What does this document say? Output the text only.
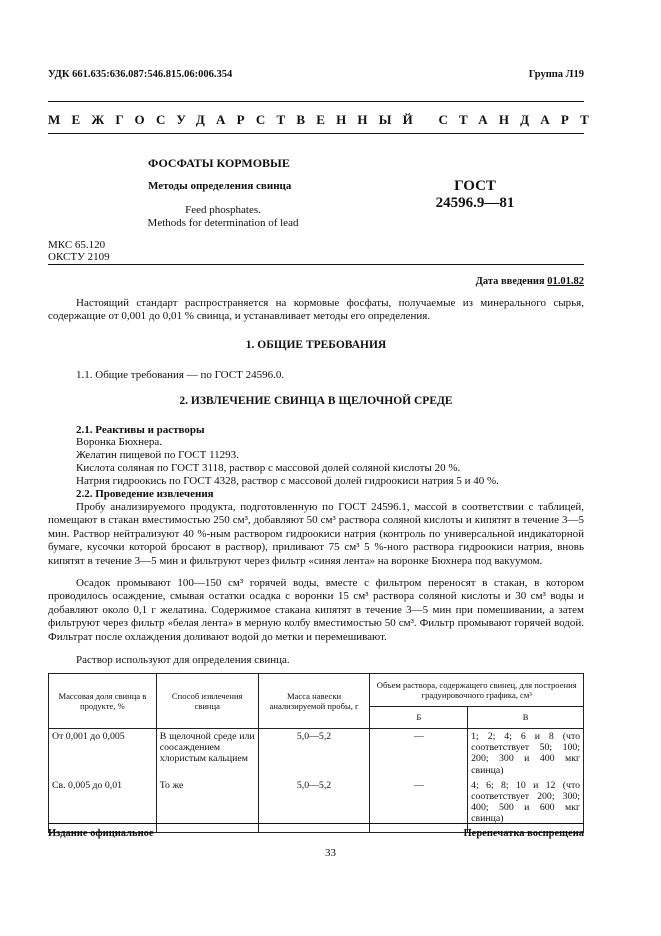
УДК 661.635:636.087:546.815.06:006.354	Группа Л19
МЕЖГОСУДАРСТВЕННЫЙ СТАНДАРТ
ФОСФАТЫ КОРМОВЫЕ
Методы определения свинца
Feed phosphates.
Methods for determination of lead
ГОСТ
24596.9—81
МКС 65.120
ОКСТУ 2109
Дата введения 01.01.82
Настоящий стандарт распространяется на кормовые фосфаты, получаемые из минерального сырья, содержащие от 0,001 до 0,01 % свинца, и устанавливает методы его определения.
1. ОБЩИЕ ТРЕБОВАНИЯ
1.1. Общие требования — по ГОСТ 24596.0.
2. ИЗВЛЕЧЕНИЕ СВИНЦА В ЩЕЛОЧНОЙ СРЕДЕ
2.1. Реактивы и растворы
Воронка Бюхнера.
Желатин пищевой по ГОСТ 11293.
Кислота соляная по ГОСТ 3118, раствор с массовой долей соляной кислоты 20 %.
Натрия гидроокись по ГОСТ 4328, раствор с массовой долей гидроокиси натрия 5 и 40 %.
2.2. Проведение извлечения
Пробу анализируемого продукта, подготовленную по ГОСТ 24596.1, массой в соответствии с таблицей, помещают в стакан вместимостью 250 см³, добавляют 50 см³ раствора соляной кислоты и кипятят в течение 3—5 мин. Раствор нейтрализуют 40 %-ным раствором гидроокиси натрия (контроль по универсальной индикаторной бумаге, кусочки которой бросают в раствор), приливают 75 см³ 5 %-ного раствора гидроокиси натрия, вновь кипятят в течение 3—5 мин и фильтруют через фильтр «синяя лента» на воронке Бюхнера под вакуумом.
Осадок промывают 100—150 см³ горячей воды, вместе с фильтром переносят в стакан, в котором проводилось осаждение, смывая остатки осадка с воронки 15 см³ раствора соляной кислоты и 30 см³ воды и добавляют около 0,1 г желатина. Содержимое стакана кипятят в течение 3—5 мин при помешивании, а затем фильтруют через фильтр «белая лента» в мерную колбу вместимостью 50 см³. Фильтр промывают горячей водой. Фильтрат после охлаждения доливают водой до метки и перемешивают.
Раствор используют для определения свинца.
Массовая доля свинца в продукте, %	Способ извлечения свинца	Масса навески анализируемой пробы, г	Объем раствора, содержащего свинец, для построения градуировочного графика, см³	
			Б	В
От 0,001 до 0,005	В щелочной среде или соосаждением хлористым кальцием	5,0—5,2	—	1; 2; 4; 6 и 8 (что соответствует 50; 100; 200; 300 и 400 мкг свинца)
Св. 0,005 до 0,01	То же	5,0—5,2	—	4; 6; 8; 10 и 12 (что соответствует 200; 300; 400; 500 и 600 мкг свинца)
Издание официальное	Перепечатка воспрещена
33
